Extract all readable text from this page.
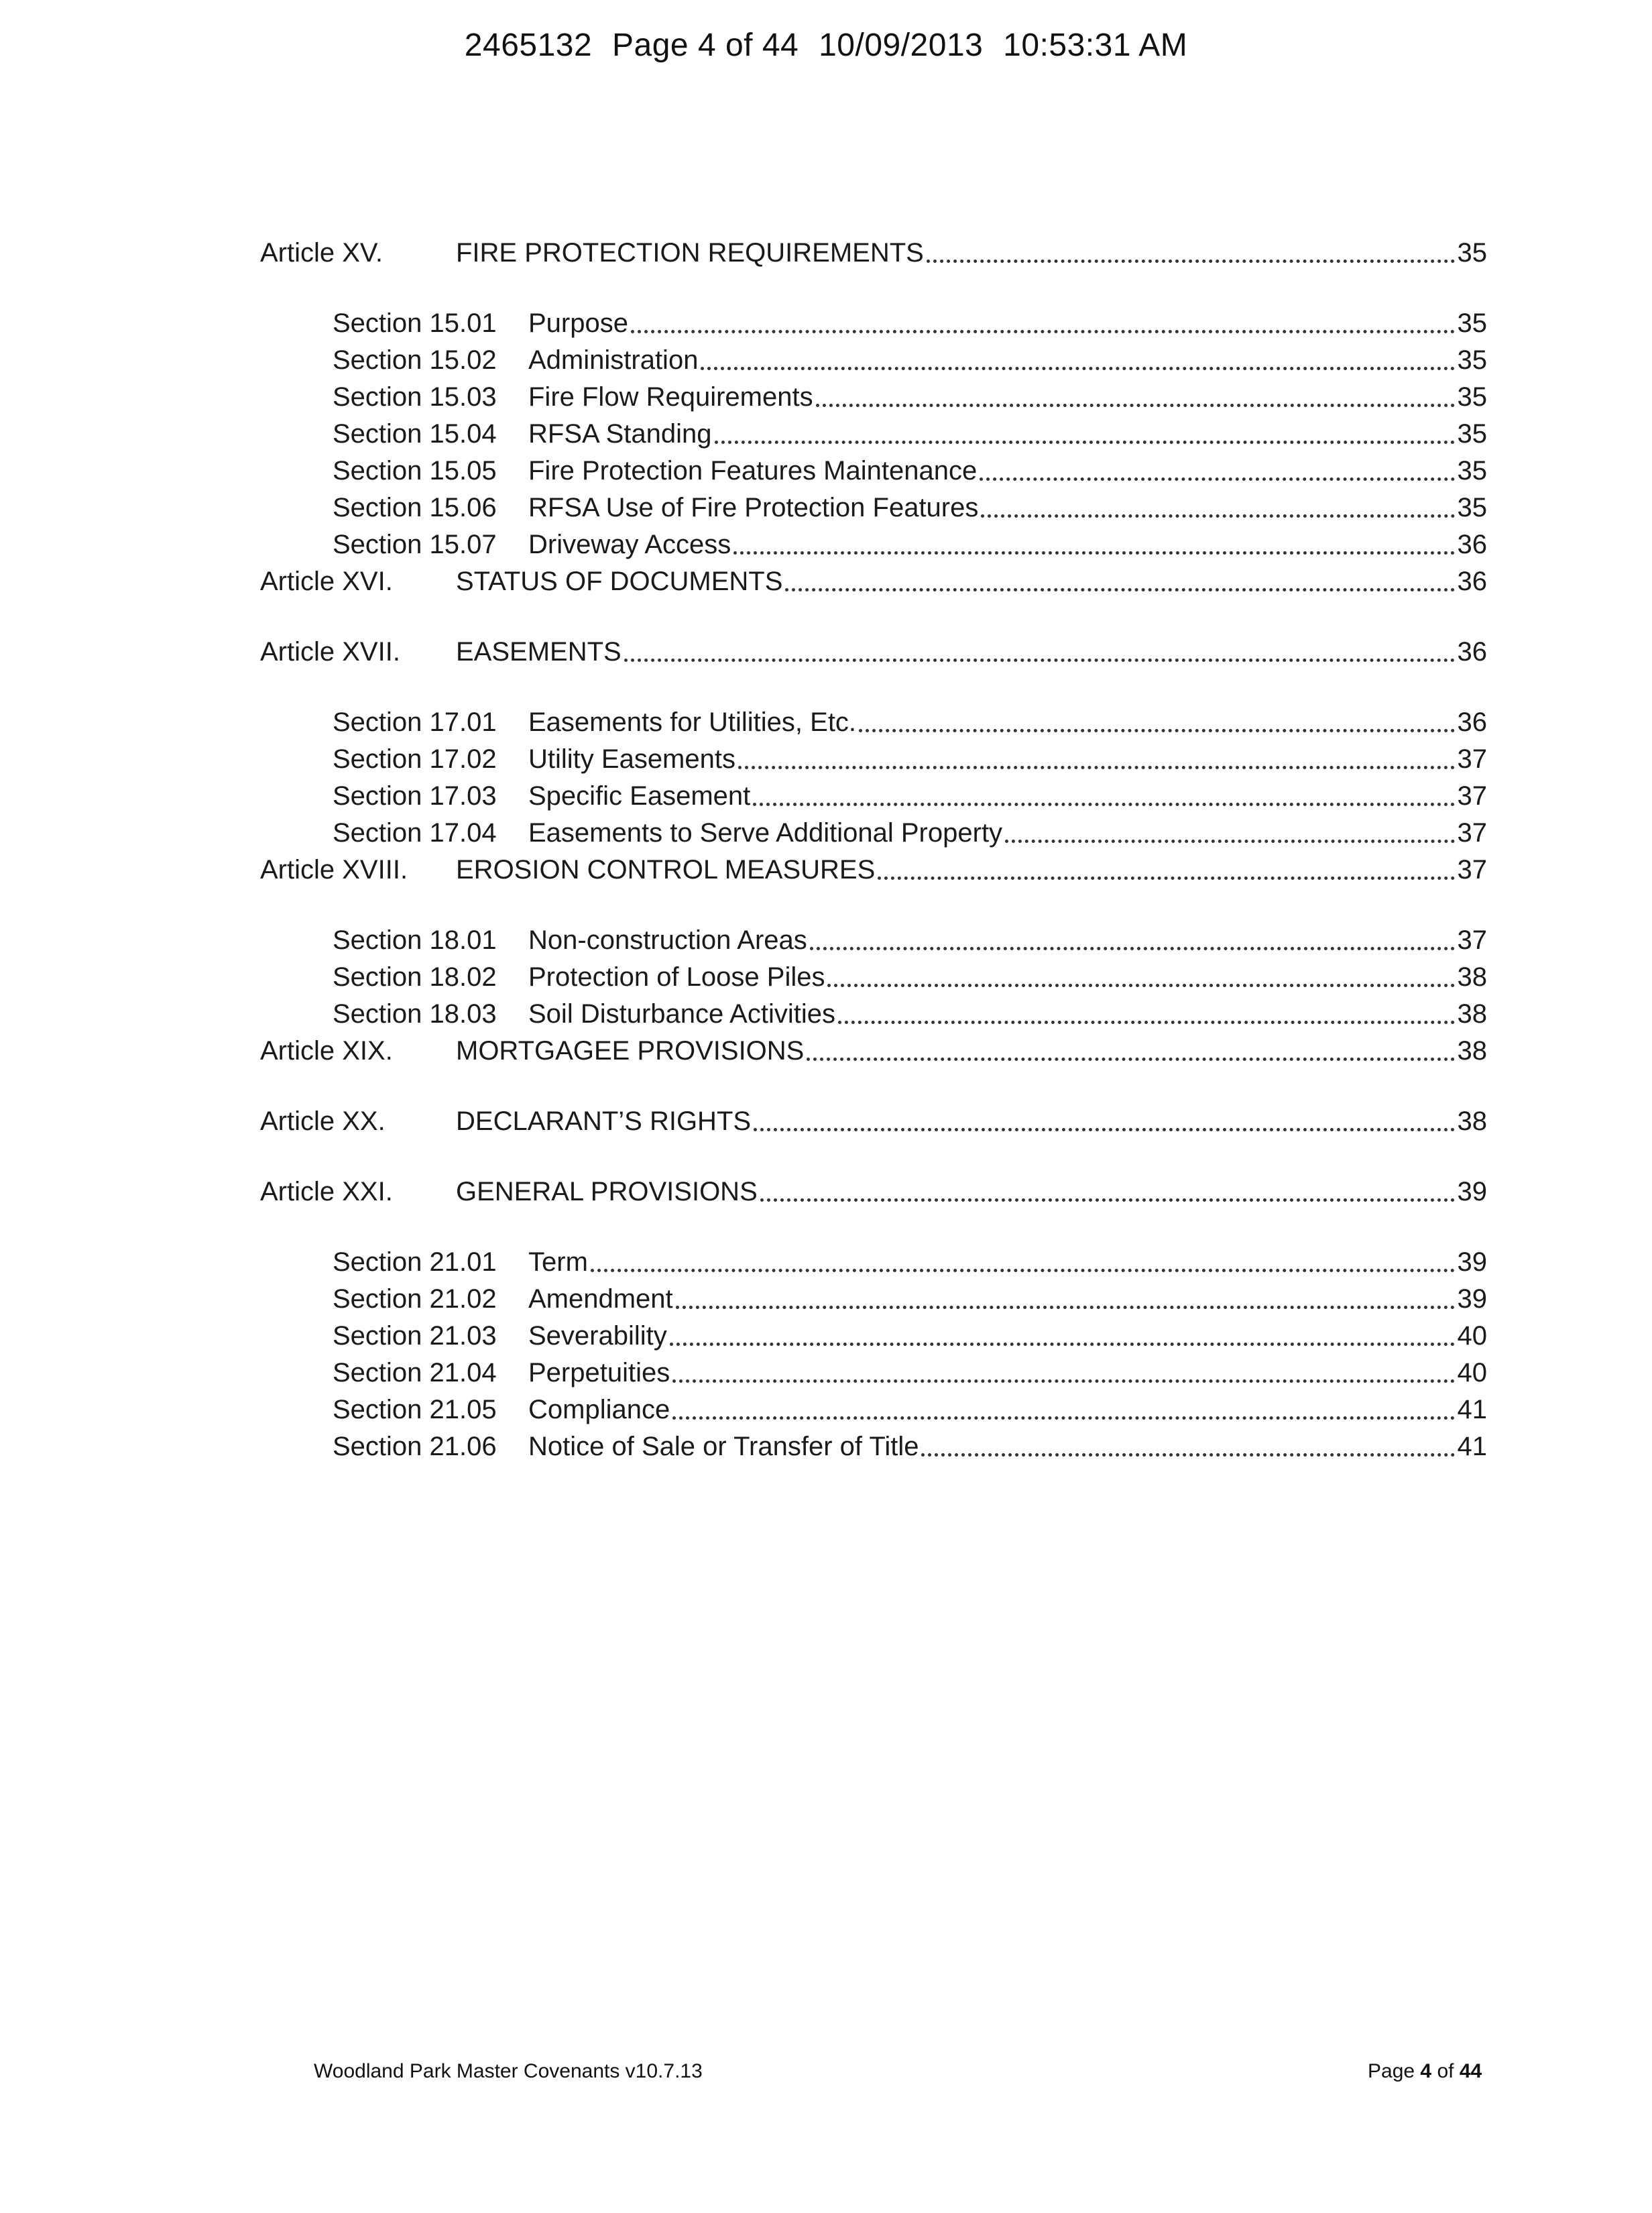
2465132 Page 4 of 44 10/09/2013 10:53:31 AM
Article XV.	FIRE PROTECTION REQUIREMENTS	35
Section 15.01	Purpose	35
Section 15.02	Administration	35
Section 15.03	Fire Flow Requirements	35
Section 15.04	RFSA Standing	35
Section 15.05	Fire Protection Features Maintenance	35
Section 15.06	RFSA Use of Fire Protection Features	35
Section 15.07	Driveway Access	36
Article XVI.	STATUS OF DOCUMENTS	36
Article XVII.	EASEMENTS	36
Section 17.01	Easements for Utilities, Etc.	36
Section 17.02	Utility Easements	37
Section 17.03	Specific Easement	37
Section 17.04	Easements to Serve Additional Property	37
Article XVIII.	EROSION CONTROL MEASURES	37
Section 18.01	Non-construction Areas	37
Section 18.02	Protection of Loose Piles	38
Section 18.03	Soil Disturbance Activities	38
Article XIX.	MORTGAGEE PROVISIONS	38
Article XX.	DECLARANT’S RIGHTS	38
Article XXI.	GENERAL PROVISIONS	39
Section 21.01	Term	39
Section 21.02	Amendment	39
Section 21.03	Severability	40
Section 21.04	Perpetuities	40
Section 21.05	Compliance	41
Section 21.06	Notice of Sale or Transfer of Title	41
Woodland Park Master Covenants v10.7.13	Page 4 of 44
